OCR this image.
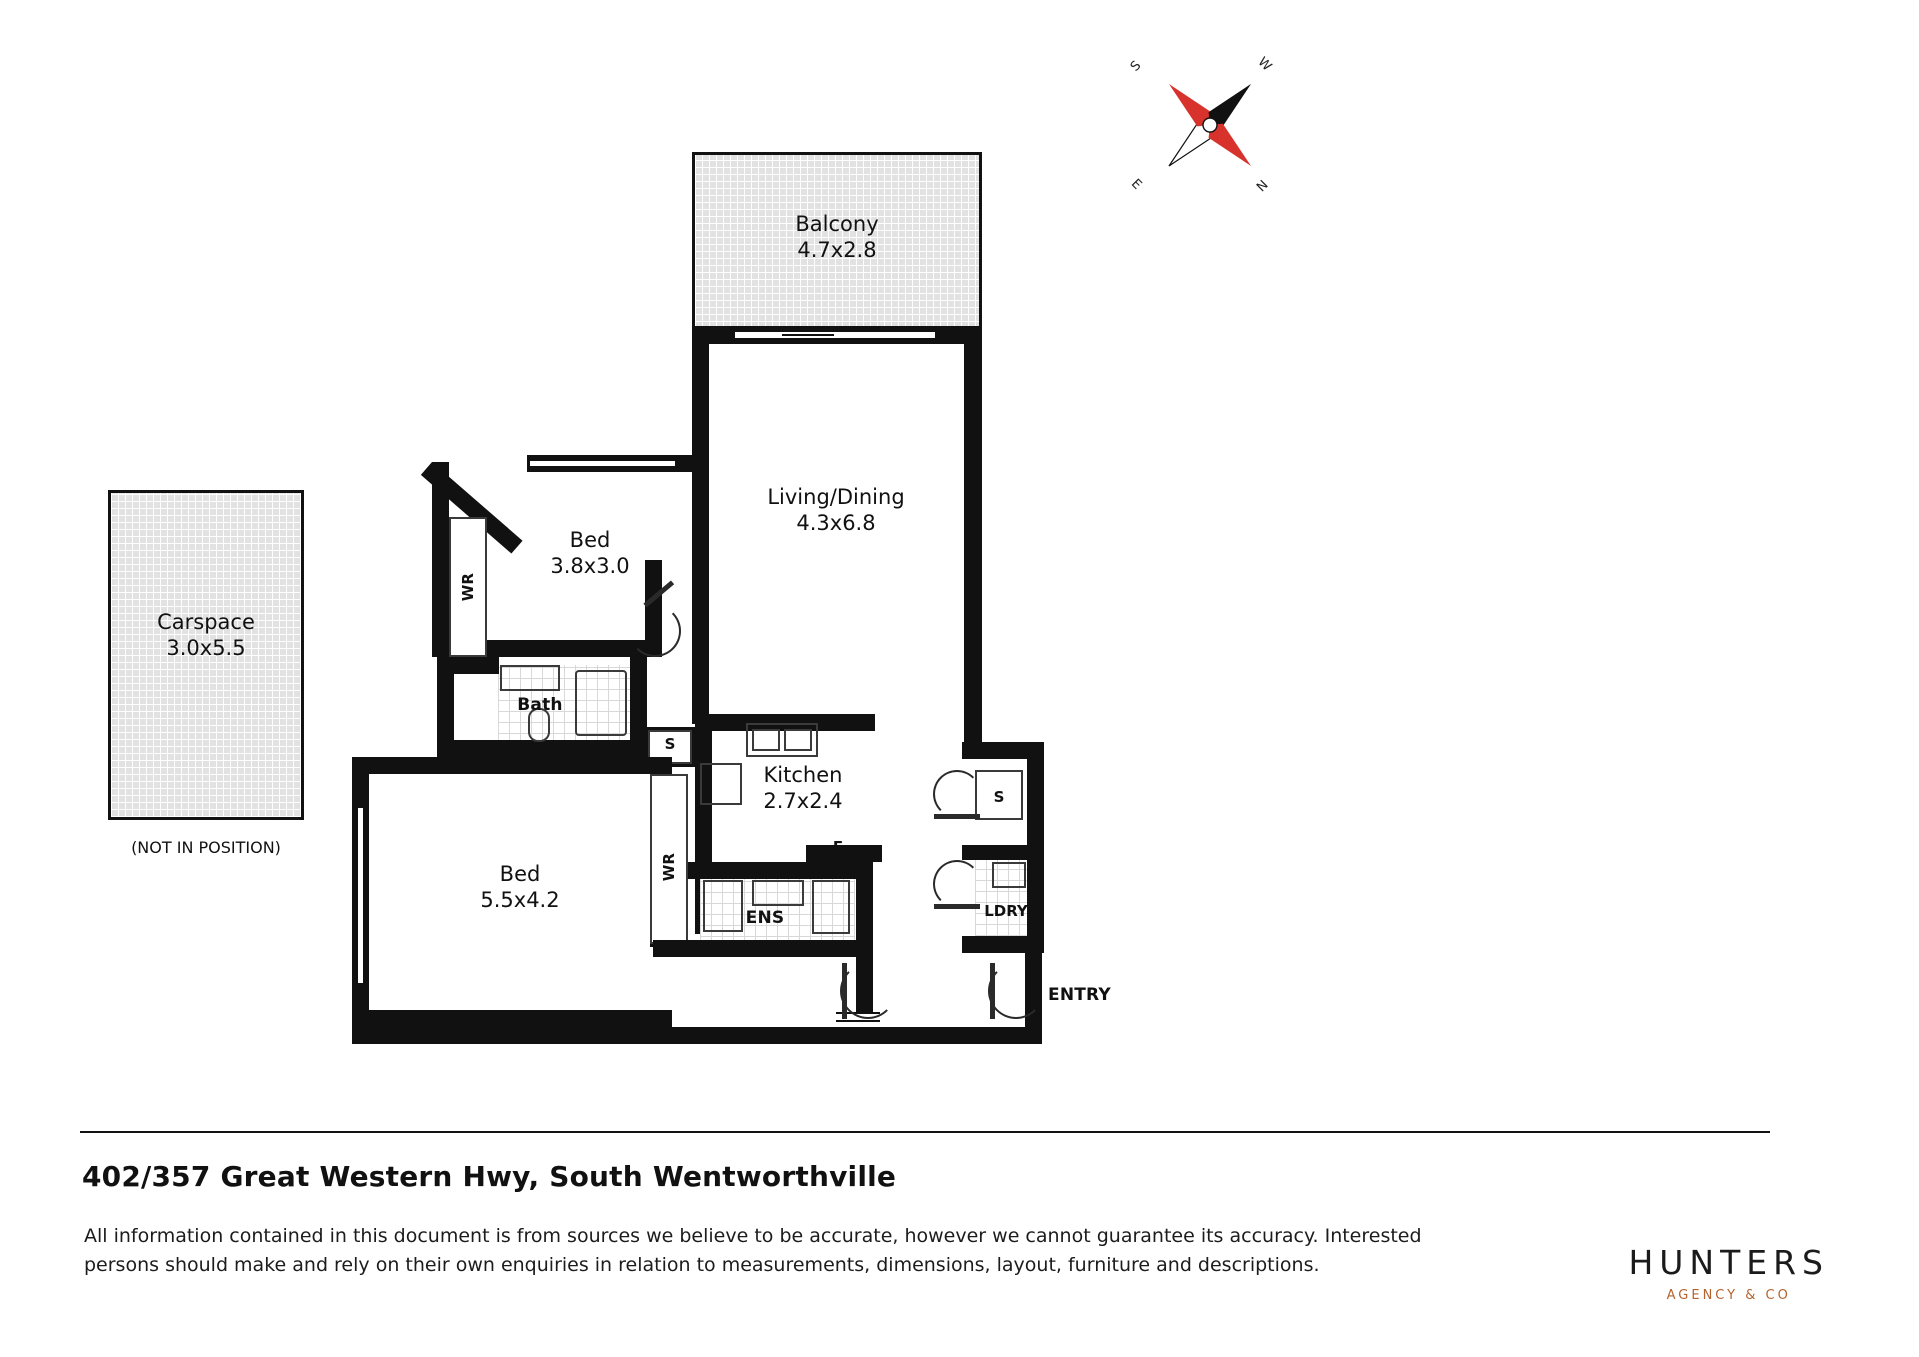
Carspace
3.0x5.5
(NOT IN POSITION)
Balcony
4.7x2.8
WR
Bed
3.8x3.0
Living/Dining
4.3x6.8
Bath
S
Kitchen
2.7x2.4
Bed
5.5x4.2
WR
ENS
S
LDRY
ENTRY
S	W
E	N
402/357 Great Western Hwy, South Wentworthville
All information contained in this document is from sources we believe to be accurate, however we cannot guarantee its accuracy. Interested persons should make and rely on their own enquiries in relation to measurements, dimensions, layout, furniture and descriptions.	HUNTERS
AGENCY & CO
